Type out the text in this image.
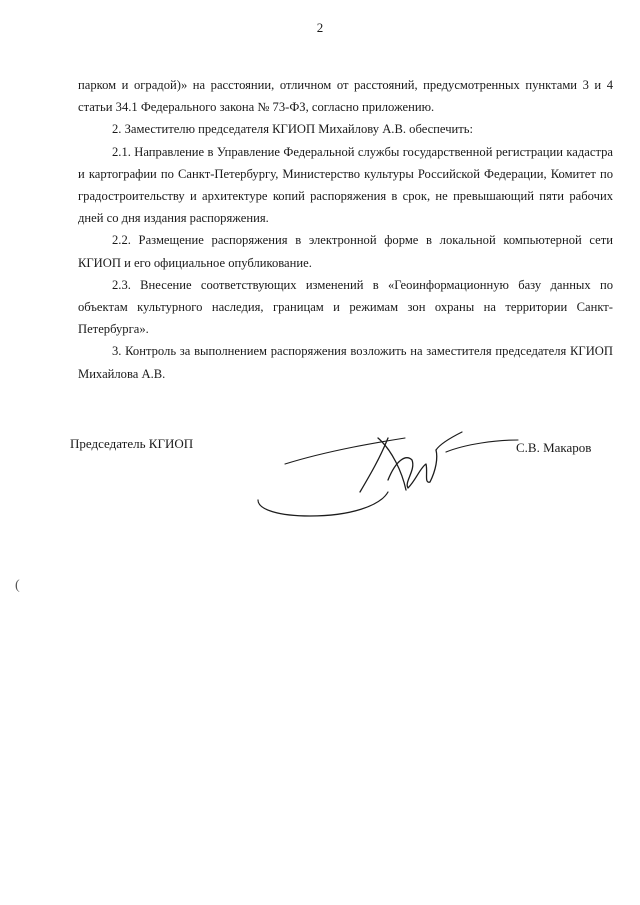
2

парком и оградой)» на расстоянии, отличном от расстояний, предусмотренных пунктами 3 и 4 статьи 34.1 Федерального закона № 73-ФЗ, согласно приложению.

2. Заместителю председателя КГИОП Михайлову А.В. обеспечить:

2.1. Направление в Управление Федеральной службы государственной регистрации кадастра и картографии по Санкт-Петербургу, Министерство культуры Российской Федерации, Комитет по градостроительству и архитектуре копий распоряжения в срок, не превышающий пяти рабочих дней со дня издания распоряжения.

2.2. Размещение распоряжения в электронной форме в локальной компьютерной сети КГИОП и его официальное опубликование.

2.3. Внесение соответствующих изменений в «Геоинформационную базу данных по объектам культурного наследия, границам и режимам зон охраны на территории Санкт-Петербурга».

3. Контроль за выполнением распоряжения возложить на заместителя председателя КГИОП Михайлова А.В.

Председатель КГИОП	С.В. Макаров
(
